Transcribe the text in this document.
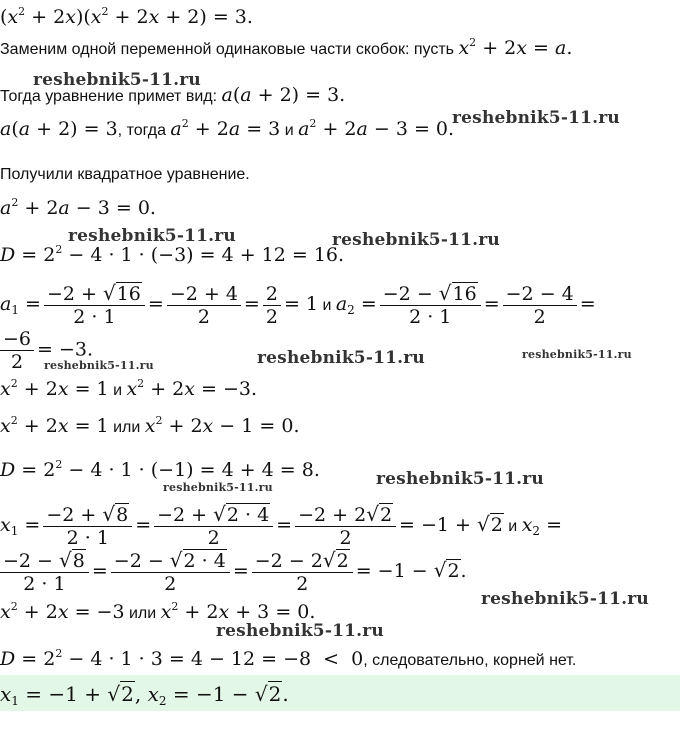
$(x^2 + 2x)(x^2 + 2x + 2) = 3$.
Заменим одной переменной одинаковые части скобок: пусть $x^2 + 2x = a$.
Тогда уравнение примет вид: a(a + 2) = 3.
a(a + 2) = 3, тогда $a^2 + 2a = 3$ и $a^2 + 2a - 3 = 0$.
Получили квадратное уравнение.
$a^2 + 2a - 3 = 0$.
$D = 2^2 - 4 \cdot 1 \cdot (-3) = 4 + 12 = 16$.
$a_1 = \frac{-2 + √16}{2 \cdot 1} = \frac{-2 + 4}{2} = \frac{2}{2} = 1$ и $a_2 = \frac{-2 - √16}{2 \cdot 1} = \frac{-2 - 4}{2}$ =
$\frac{-6}{2} = -3$.
$x^2 + 2x = 1$ и $x^2 + 2x = -3$.
$x^2 + 2x = 1$ или $x^2 + 2x - 1 = 0$.
$D = 2^2 - 4 \cdot 1 \cdot (-1) = 4 + 4 = 8$.
$x_1 = \frac{-2 + √8}{2 \cdot 1} = \frac{-2 + √2 \cdot 4}{2} = \frac{-2 + 2√2}{2} = -1 + √2$ и $x_2$ =
$\frac{-2 - √8}{2 \cdot 1} = \frac{-2 - √2 \cdot 4}{2} = \frac{-2 - 2√2}{2} = -1 - √2$.
$x^2 + 2x = -3$ или $x^2 + 2x + 3 = 0$.
$D = 2^2 - 4 \cdot 1 \cdot 3 = 4 - 12 = -8 < 0$, следовательно, корней нет.
$x_1 = -1 + √2$, $x_2 = -1 - √2$.
reshebnik5-11.ru
reshebnik5-11.ru
reshebnik5-11.ru	reshebnik5-11.ru
reshebnik5-11.ru	reshebnik5-11.ru	reshebnik5-11.ru
reshebnik5-11.ru
reshebnik5-11.ru
reshebnik5-11.ru
reshebnik5-11.ru
